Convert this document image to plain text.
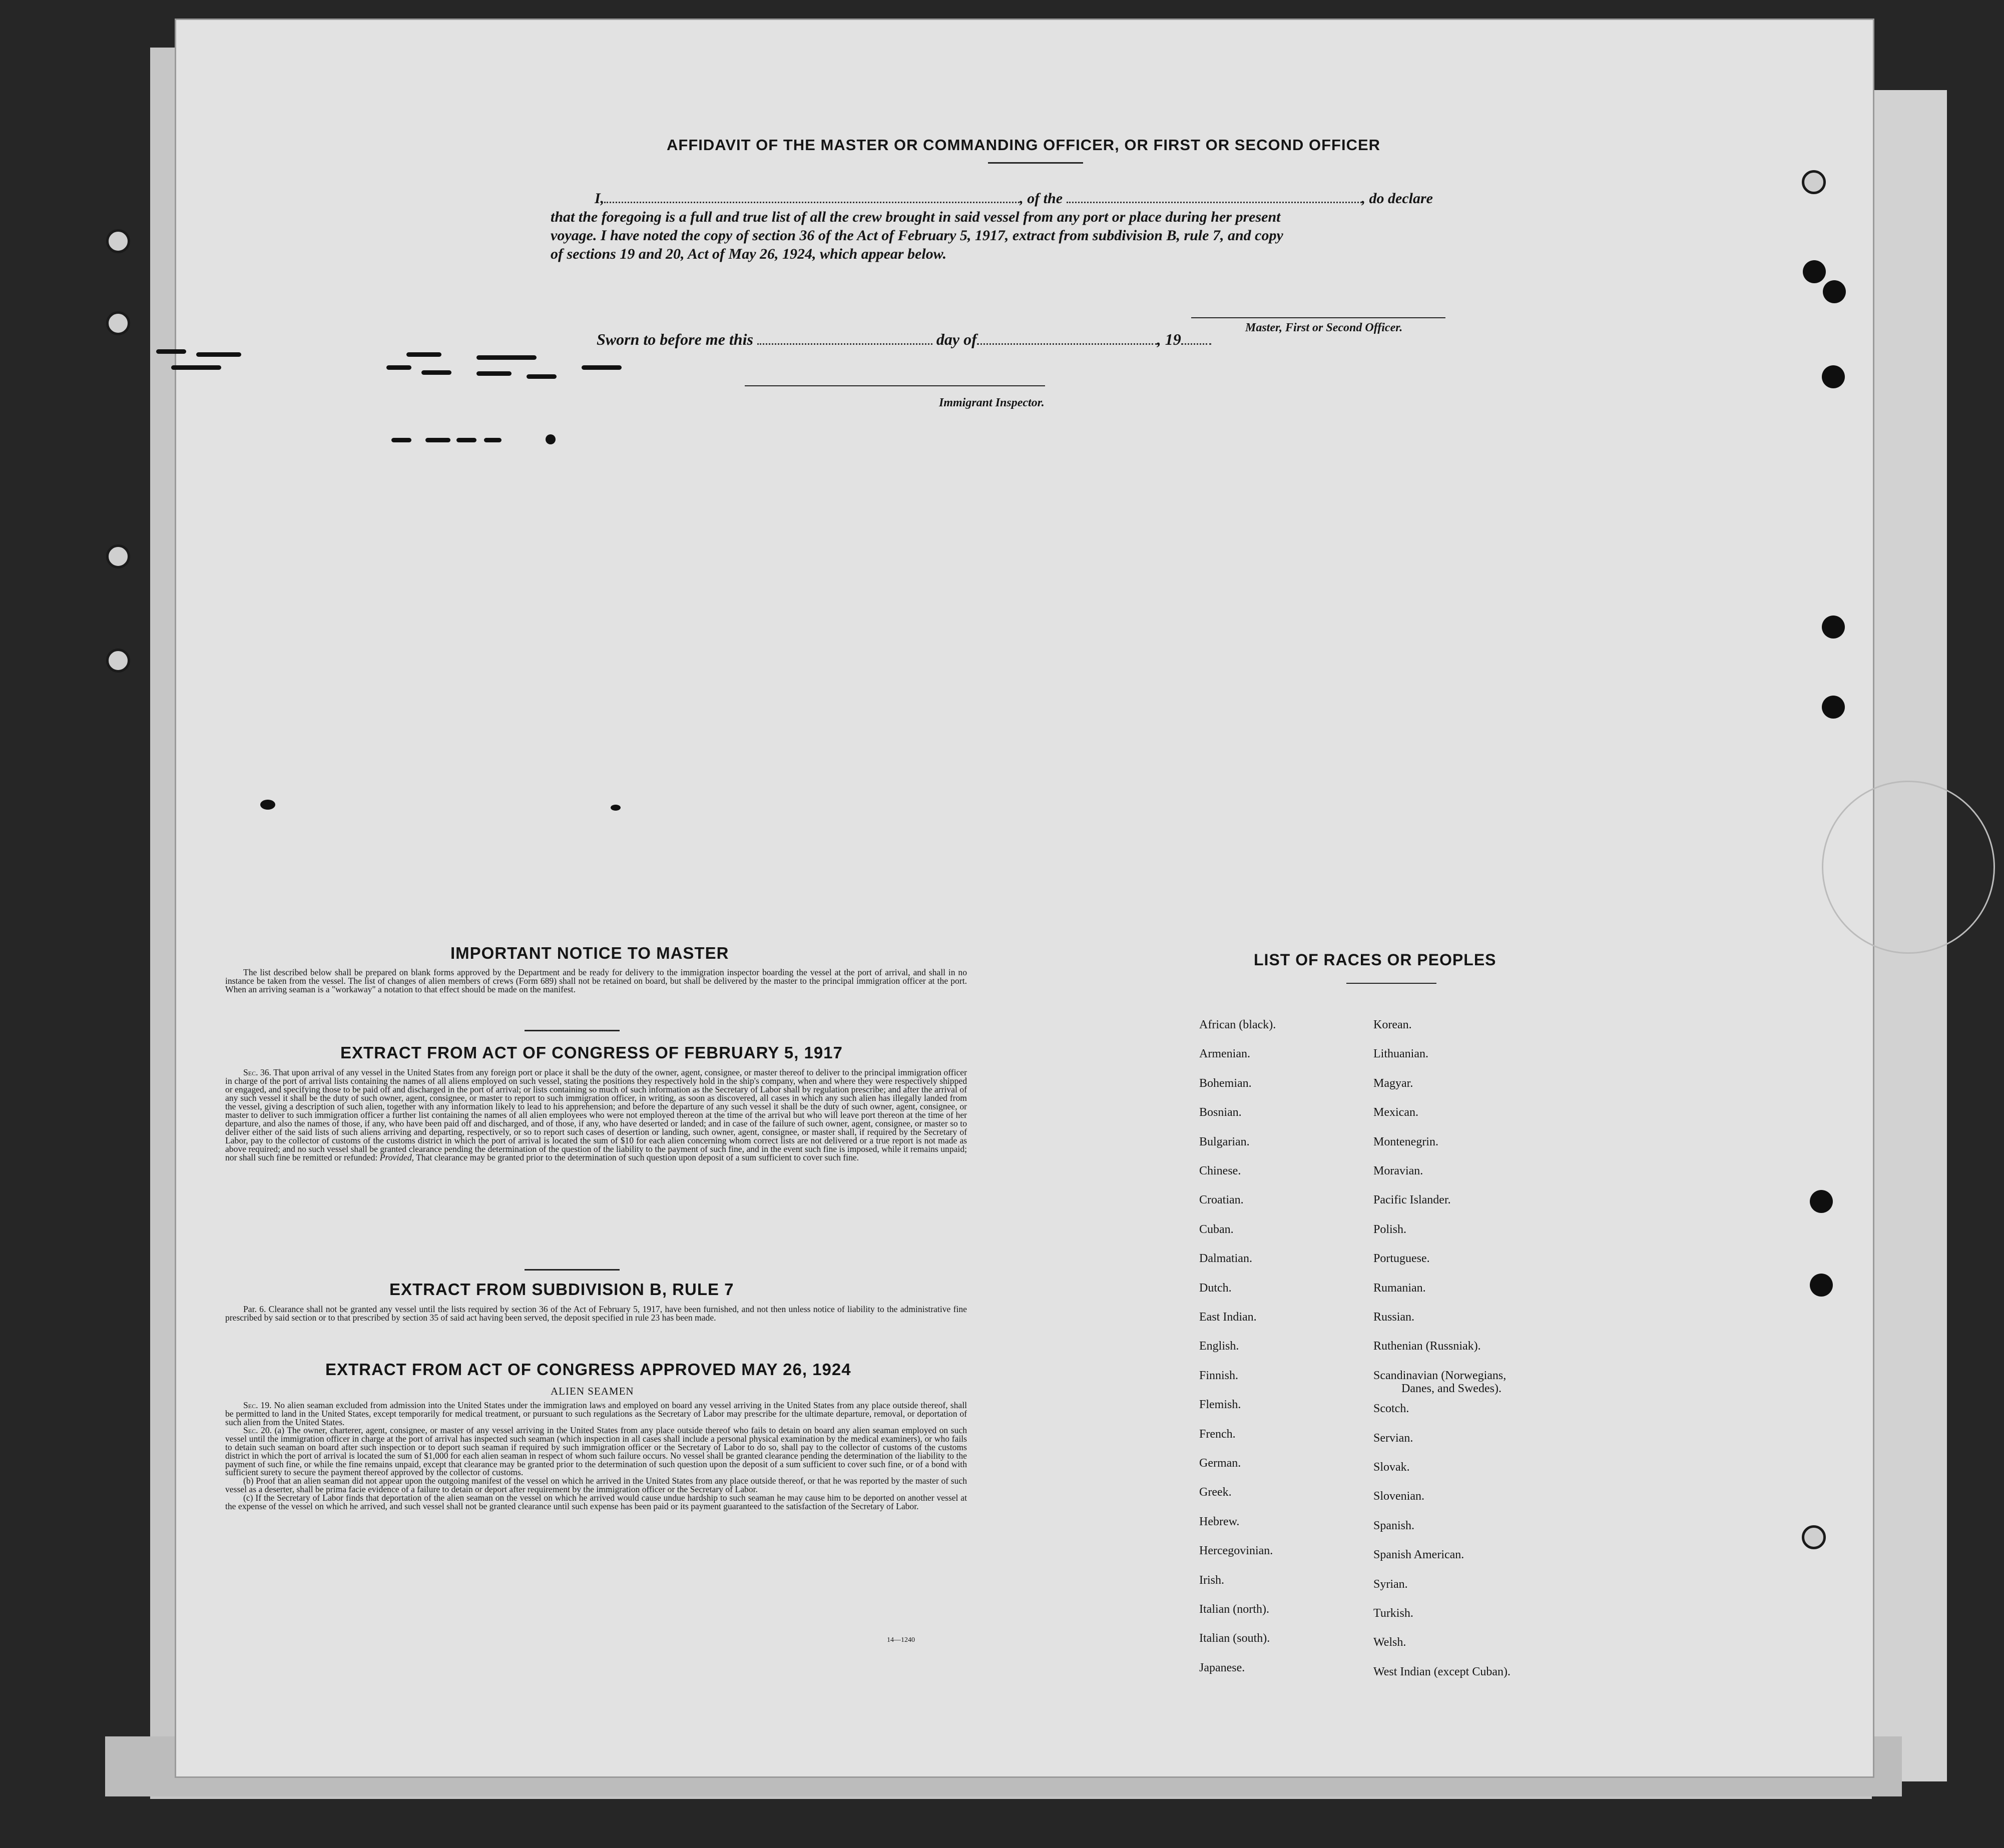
AFFIDAVIT OF THE MASTER OR COMMANDING OFFICER, OR FIRST OR SECOND OFFICER
I,	, of the	, do declare
that the foregoing is a full and true list of all the crew brought in said vessel from any port or place during her present
voyage. I have noted the copy of section 36 of the Act of February 5, 1917, extract from subdivision B, rule 7, and copy
of sections 19 and 20, Act of May 26, 1924, which appear below.
Master, First or Second Officer.
Sworn to before me this	day of	, 19
Immigrant Inspector.
IMPORTANT NOTICE TO MASTER

The list described below shall be prepared on blank forms approved by the Department and be ready for delivery to the immigration inspector boarding the vessel at the port of arrival, and shall in no instance be taken from the vessel. The list of changes of alien members of crews (Form 689) shall not be retained on board, but shall be delivered by the master to the principal immigration officer at the port. When an arriving seaman is a "workaway" a notation to that effect should be made on the manifest.

EXTRACT FROM ACT OF CONGRESS OF FEBRUARY 5, 1917

Sec. 36. That upon arrival of any vessel in the United States from any foreign port or place it shall be the duty of the owner, agent, consignee, or master thereof to deliver to the principal immigration officer in charge of the port of arrival lists containing the names of all aliens employed on such vessel, stating the positions they respectively hold in the ship's company, when and where they were respectively shipped or engaged, and specifying those to be paid off and discharged in the port of arrival; or lists containing so much of such information as the Secretary of Labor shall by regulation prescribe; and after the arrival of any such vessel it shall be the duty of such owner, agent, consignee, or master to report to such immigration officer, in writing, as soon as discovered, all cases in which any such alien has illegally landed from the vessel, giving a description of such alien, together with any information likely to lead to his apprehension; and before the departure of any such vessel it shall be the duty of such owner, agent, consignee, or master to deliver to such immigration officer a further list containing the names of all alien employees who were not employed thereon at the time of the arrival but who will leave port thereon at the time of her departure, and also the names of those, if any, who have been paid off and discharged, and of those, if any, who have deserted or landed; and in case of the failure of such owner, agent, consignee, or master so to deliver either of the said lists of such aliens arriving and departing, respectively, or so to report such cases of desertion or landing, such owner, agent, consignee, or master shall, if required by the Secretary of Labor, pay to the collector of customs of the customs district in which the port of arrival is located the sum of $10 for each alien concerning whom correct lists are not delivered or a true report is not made as above required; and no such vessel shall be granted clearance pending the determination of the question of the liability to the payment of such fine, and in the event such fine is imposed, while it remains unpaid; nor shall such fine be remitted or refunded: Provided, That clearance may be granted prior to the determination of such question upon deposit of a sum sufficient to cover such fine.

EXTRACT FROM SUBDIVISION B, RULE 7

Par. 6. Clearance shall not be granted any vessel until the lists required by section 36 of the Act of February 5, 1917, have been furnished, and not then unless notice of liability to the administrative fine prescribed by said section or to that prescribed by section 35 of said act having been served, the deposit specified in rule 23 has been made.

EXTRACT FROM ACT OF CONGRESS APPROVED MAY 26, 1924
ALIEN SEAMEN

Sec. 19. No alien seaman excluded from admission into the United States under the immigration laws and employed on board any vessel arriving in the United States from any place outside thereof, shall be permitted to land in the United States, except temporarily for medical treatment, or pursuant to such regulations as the Secretary of Labor may prescribe for the ultimate departure, removal, or deportation of such alien from the United States.

Sec. 20. (a) The owner, charterer, agent, consignee, or master of any vessel arriving in the United States from any place outside thereof who fails to detain on board any alien seaman employed on such vessel until the immigration officer in charge at the port of arrival has inspected such seaman (which inspection in all cases shall include a personal physical examination by the medical examiners), or who fails to detain such seaman on board after such inspection or to deport such seaman if required by such immigration officer or the Secretary of Labor to do so, shall pay to the collector of customs of the customs district in which the port of arrival is located the sum of $1,000 for each alien seaman in respect of whom such failure occurs. No vessel shall be granted clearance pending the determination of the liability to the payment of such fine, or while the fine remains unpaid, except that clearance may be granted prior to the determination of such question upon the deposit of a sum sufficient to cover such fine, or of a bond with sufficient surety to secure the payment thereof approved by the collector of customs.

(b) Proof that an alien seaman did not appear upon the outgoing manifest of the vessel on which he arrived in the United States from any place outside thereof, or that he was reported by the master of such vessel as a deserter, shall be prima facie evidence of a failure to detain or deport after requirement by the immigration officer or the Secretary of Labor.

(c) If the Secretary of Labor finds that deportation of the alien seaman on the vessel on which he arrived would cause undue hardship to such seaman he may cause him to be deported on another vessel at the expense of the vessel on which he arrived, and such vessel shall not be granted clearance until such expense has been paid or its payment guaranteed to the satisfaction of the Secretary of Labor.

14—1240
LIST OF RACES OR PEOPLES
African (black).
Armenian.
Bohemian.
Bosnian.
Bulgarian.
Chinese.
Croatian.
Cuban.
Dalmatian.
Dutch.
East Indian.
English.
Finnish.
Flemish.
French.
German.
Greek.
Hebrew.
Hercegovinian.
Irish.
Italian (north).
Italian (south).
Japanese.
Korean.
Lithuanian.
Magyar.
Mexican.
Montenegrin.
Moravian.
Pacific Islander.
Polish.
Portuguese.
Rumanian.
Russian.
Ruthenian (Russniak).
Scandinavian (Norwegians,
Danes, and Swedes).
Scotch.
Servian.
Slovak.
Slovenian.
Spanish.
Spanish American.
Syrian.
Turkish.
Welsh.
West Indian (except Cuban).
